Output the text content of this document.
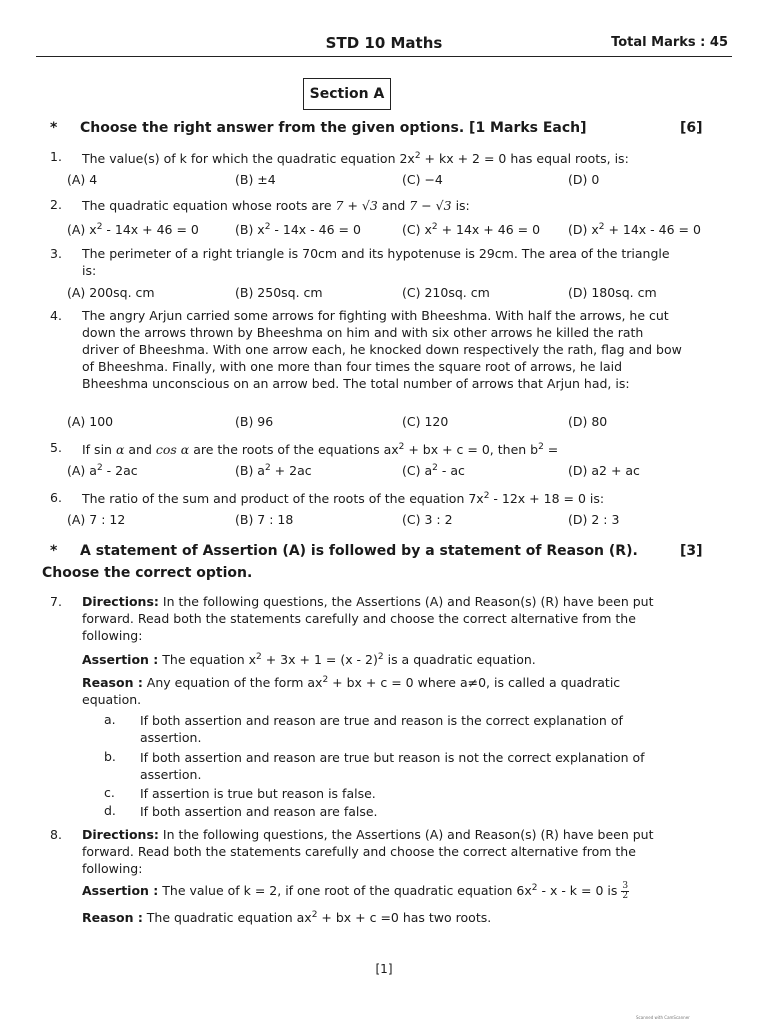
STD 10 Maths	Total Marks : 45
Section A
* Choose the right answer from the given options. [1 Marks Each]	[6]
1. The value(s) of k for which the quadratic equation $2x^2$ + kx + 2 = 0 has equal roots, is:
(A) 4	(B) ±4	(C) −4	(D) 0
2. The quadratic equation whose roots are 7 + √3 and 7 − √3 is:
(A) $x^2 - 14x + 46 = 0$	(B) $x^2 - 14x - 46 = 0$	(C) $x^2 + 14x + 46 = 0$ (D) $x^2 + 14x - 46 = 0$
3. The perimeter of a right triangle is 70cm and its hypotenuse is 29cm. The area of the triangle is:
(A) 200sq. cm	(B) 250sq. cm	(C) 210sq. cm	(D) 180sq. cm
4. The angry Arjun carried some arrows for fighting with Bheeshma. With half the arrows, he cut down the arrows thrown by Bheeshma on him and with six other arrows he killed the rath driver of Bheeshma. With one arrow each, he knocked down respectively the rath, flag and bow of Bheeshma. Finally, with one more than four times the square root of arrows, he laid Bheeshma unconscious on an arrow bed. The total number of arrows that Arjun had, is:
(A) 100	(B) 96	(C) 120	(D) 80
5. If sin α and cos α are the roots of the equations $ax^2$ + bx + c = 0, then $b^2$ =
(A) $a^2 - 2ac$	(B) $a^2 + 2ac$	(C) $a^2$ - ac	(D) a2 + ac
6. The ratio of the sum and product of the roots of the equation $7x^2 - 12x + 18 = 0$ is:
(A) 7 : 12	(B) 7 : 18	(C) 3 : 2	(D) 2 : 3
* A statement of Assertion (A) is followed by a statement of Reason (R).	[3]
Choose the correct option.
7. Directions: In the following questions, the Assertions (A) and Reason(s) (R) have been put forward. Read both the statements carefully and choose the correct alternative from the following:
Assertion : The equation $x^2 + 3x + 1 = (x - 2)^2$ is a quadratic equation.
Reason : Any equation of the form $ax^2$ + bx + c = 0 where a≠0, is called a quadratic equation.
a. If both assertion and reason are true and reason is the correct explanation of assertion.
b. If both assertion and reason are true but reason is not the correct explanation of assertion.
c. If assertion is true but reason is false.
d. If both assertion and reason are false.
8. Directions: In the following questions, the Assertions (A) and Reason(s) (R) have been put forward. Read both the statements carefully and choose the correct alternative from the following:
Assertion : The value of k = 2, if one root of the quadratic equation $6x^2 - x - k = 0$ is $\frac{3}{2}$
Reason : The quadratic equation $ax^2$ + bx + c =0 has two roots.
[1]
Scanned with CamScanner
